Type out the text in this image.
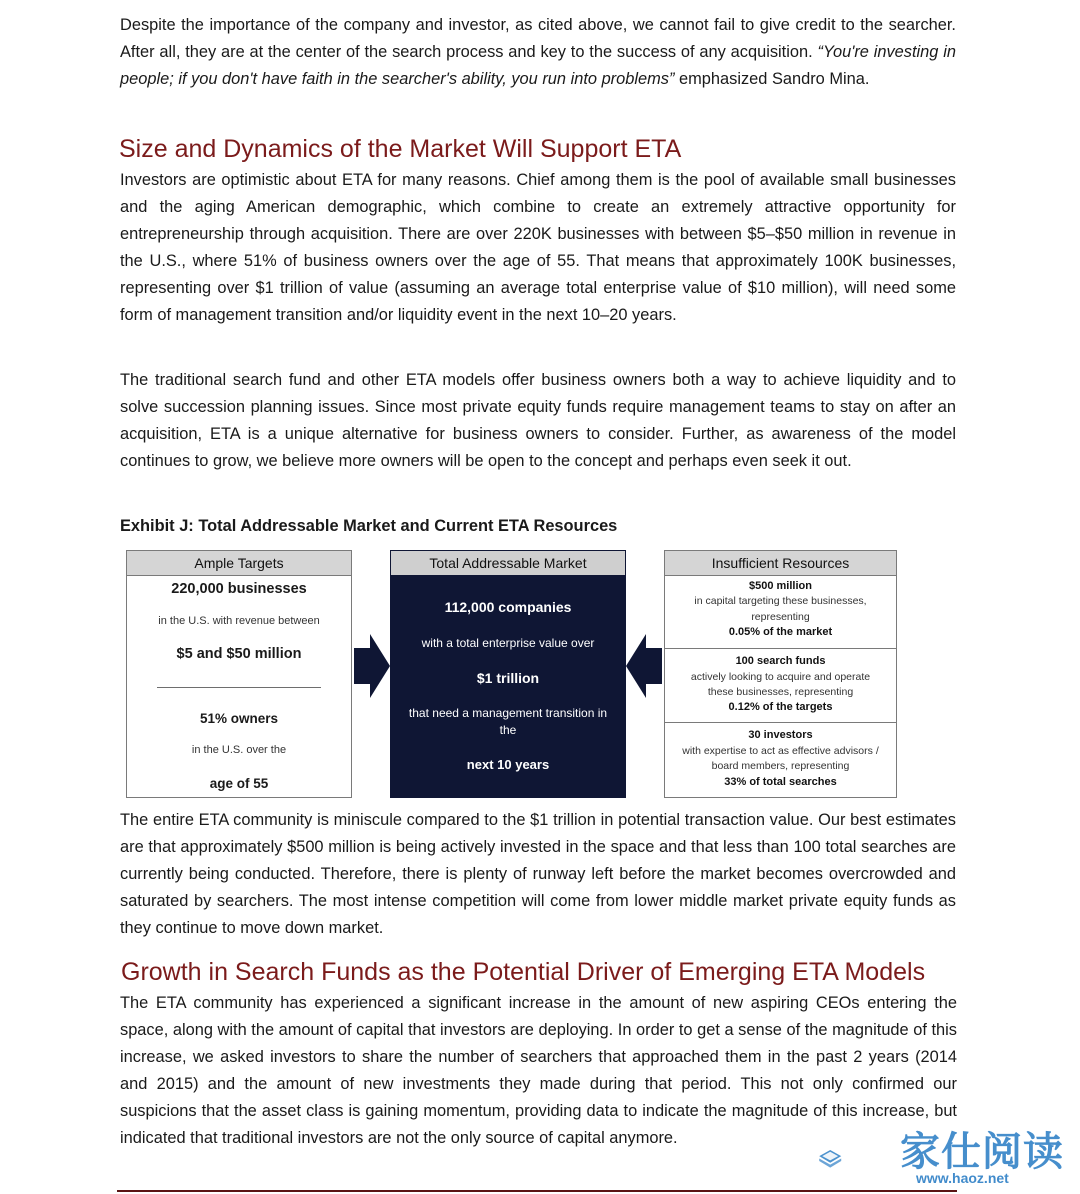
Despite the importance of the company and investor, as cited above, we cannot fail to give credit to the searcher. After all, they are at the center of the search process and key to the success of any acquisition. “You're investing in people; if you don't have faith in the searcher's ability, you run into problems” emphasized Sandro Mina.

Size and Dynamics of the Market Will Support ETA

Investors are optimistic about ETA for many reasons. Chief among them is the pool of available small businesses and the aging American demographic, which combine to create an extremely attractive opportunity for entrepreneurship through acquisition. There are over 220K businesses with between $5–$50 million in revenue in the U.S., where 51% of business owners over the age of 55. That means that approximately 100K businesses, representing over $1 trillion of value (assuming an average total enterprise value of $10 million), will need some form of management transition and/or liquidity event in the next 10–20 years.

The traditional search fund and other ETA models offer business owners both a way to achieve liquidity and to solve succession planning issues. Since most private equity funds require management teams to stay on after an acquisition, ETA is a unique alternative for business owners to consider. Further, as awareness of the model continues to grow, we believe more owners will be open to the concept and perhaps even seek it out.

Exhibit J: Total Addressable Market and Current ETA Resources
Ample Targets
220,000 businesses
in the U.S. with revenue between
$5 and $50 million
51% owners
in the U.S. over the
age of 55
Total Addressable Market
112,000 companies
with a total enterprise value over
$1 trillion
that need a management transition in
the
next 10 years
Insufficient Resources
$500 million
in capital targeting these businesses,
representing
0.05% of the market
100 search funds
actively looking to acquire and operate
these businesses, representing
0.12% of the targets
30 investors
with expertise to act as effective advisors /
board members, representing
33% of total searches

The entire ETA community is miniscule compared to the $1 trillion in potential transaction value. Our best estimates are that approximately $500 million is being actively invested in the space and that less than 100 total searches are currently being conducted. Therefore, there is plenty of runway left before the market becomes overcrowded and saturated by searchers. The most intense competition will come from lower middle market private equity funds as they continue to move down market.

Growth in Search Funds as the Potential Driver of Emerging ETA Models

The ETA community has experienced a significant increase in the amount of new aspiring CEOs entering the space, along with the amount of capital that investors are deploying. In order to get a sense of the magnitude of this increase, we asked investors to share the number of searchers that approached them in the past 2 years (2014 and 2015) and the amount of new investments they made during that period. This not only confirmed our suspicions that the asset class is gaining momentum, providing data to indicate the magnitude of this increase, but indicated that traditional investors are not the only source of capital anymore.	家仕阅读
www.haoz.net
